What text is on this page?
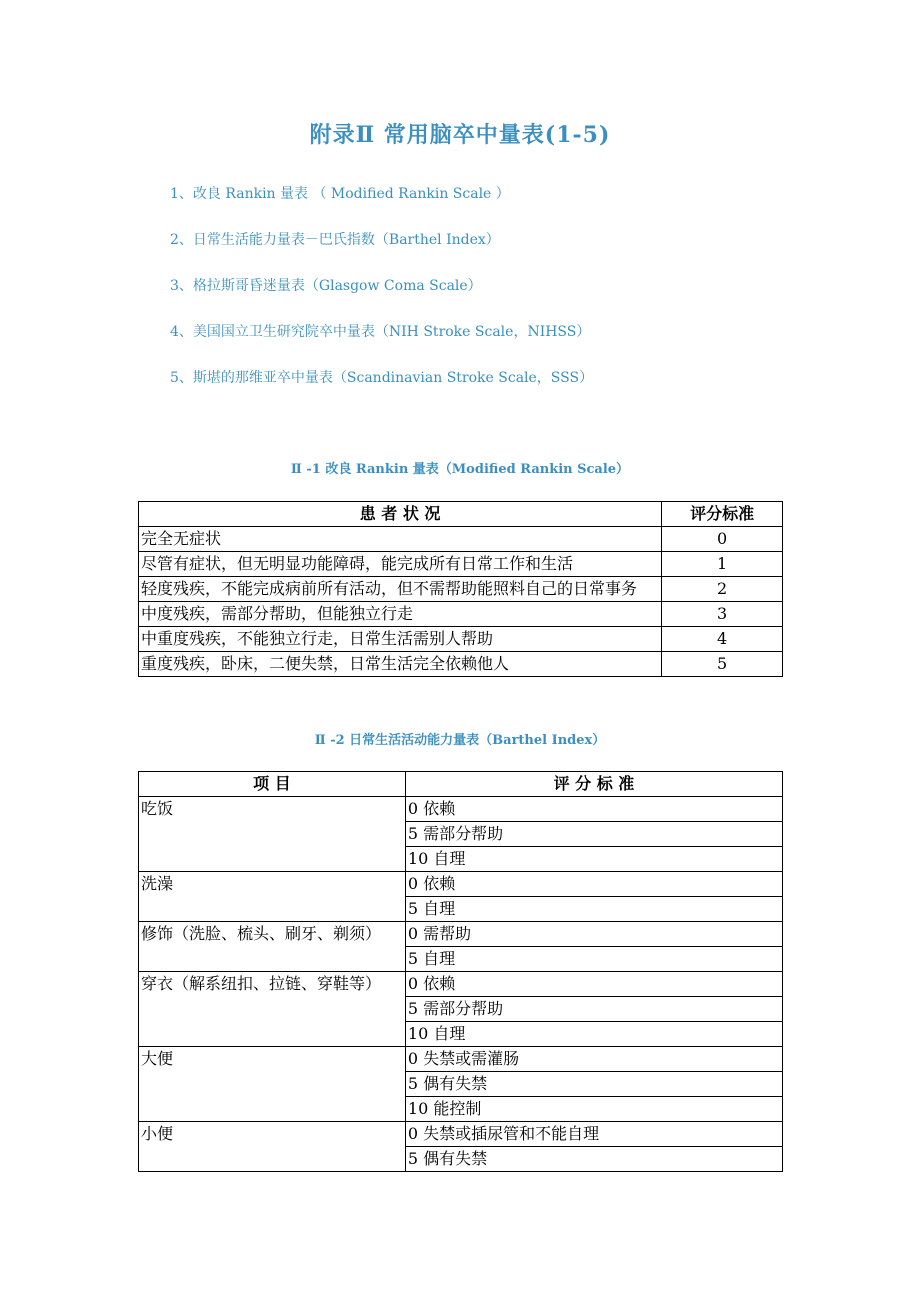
附录Ⅱ 常用脑卒中量表(1-5)
1、改良 Rankin 量表 （ Modified Rankin Scale ）
2、日常生活能力量表－巴氏指数（Barthel Index）
3、格拉斯哥昏迷量表（Glasgow Coma Scale）
4、美国国立卫生研究院卒中量表（NIH Stroke Scale，NIHSS）
5、斯堪的那维亚卒中量表（Scandinavian Stroke Scale，SSS）
Ⅱ -1 改良 Rankin 量表（Modified Rankin Scale）
患 者 状 况	评分标准
完全无症状	0
尽管有症状，但无明显功能障碍，能完成所有日常工作和生活	1
轻度残疾，不能完成病前所有活动，但不需帮助能照料自己的日常事务	2
中度残疾，需部分帮助，但能独立行走	3
中重度残疾，不能独立行走，日常生活需别人帮助	4
重度残疾，卧床，二便失禁，日常生活完全依赖他人	5
Ⅱ -2 日常生活活动能力量表（Barthel Index）
项 目	评 分 标 准
吃饭	0 依赖
	5 需部分帮助
	10 自理
洗澡	0 依赖
	5 自理
修饰（洗脸、梳头、刷牙、剃须）	0 需帮助
	5 自理
穿衣（解系纽扣、拉链、穿鞋等）	0 依赖
	5 需部分帮助
	10 自理
大便	0 失禁或需灌肠
	5 偶有失禁
	10 能控制
小便	0 失禁或插尿管和不能自理
	5 偶有失禁
